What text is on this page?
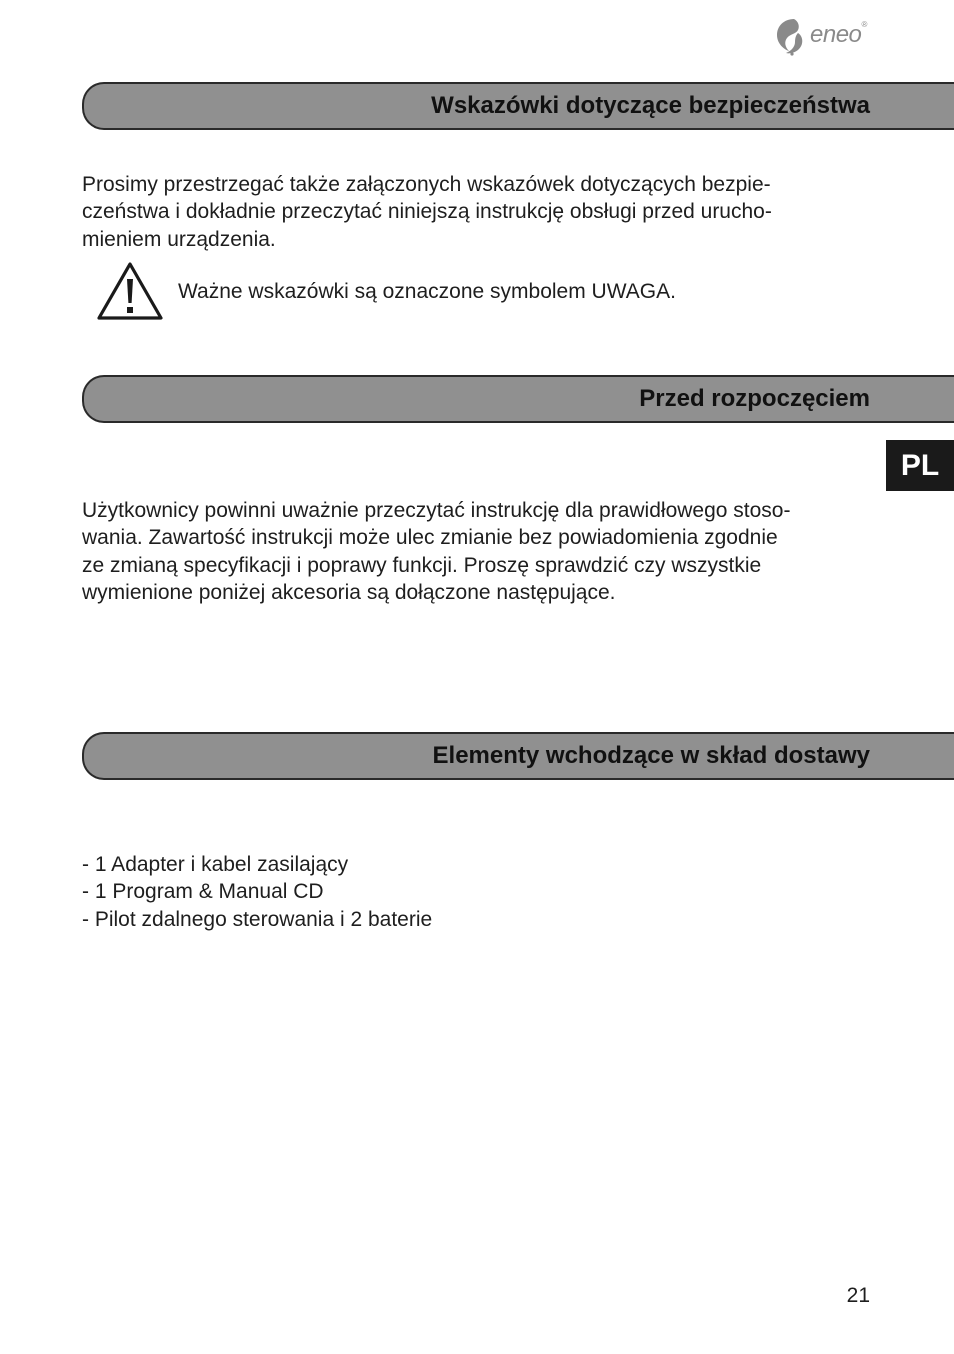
eneo®
Wskazówki dotyczące bezpieczeństwa
Prosimy przestrzegać także załączonych wskazówek dotyczących bezpie-
czeństwa i dokładnie przeczytać niniejszą instrukcję obsługi przed urucho-
mieniem urządzenia.
Ważne wskazówki są oznaczone symbolem UWAGA.
Przed rozpoczęciem
PL
Użytkownicy powinni uważnie przeczytać instrukcję dla prawidłowego stoso-
wania. Zawartość instrukcji może ulec zmianie bez powiadomienia zgodnie
ze zmianą specyfikacji i poprawy funkcji. Proszę sprawdzić czy wszystkie
wymienione poniżej akcesoria są dołączone następujące.
Elementy wchodzące w skład dostawy
- 1 Adapter i kabel zasilający
- 1 Program & Manual CD
- Pilot zdalnego sterowania i 2 baterie
21
